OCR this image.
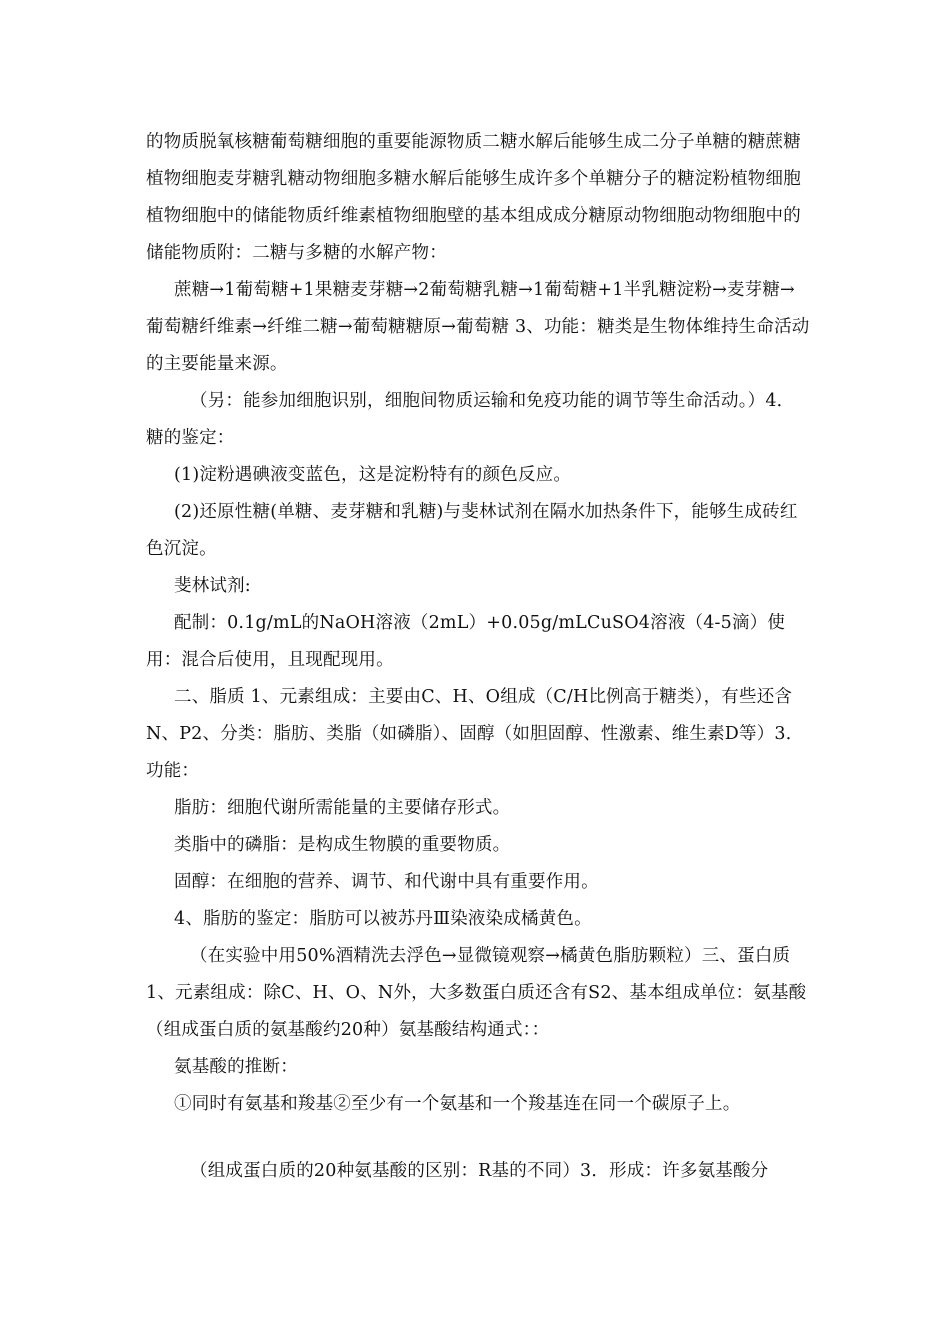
的物质脱氧核糖葡萄糖细胞的重要能源物质二糖水解后能够生成二分子单糖的糖蔗糖植物细胞麦芽糖乳糖动物细胞多糖水解后能够生成许多个单糖分子的糖淀粉植物细胞植物细胞中的储能物质纤维素植物细胞壁的基本组成成分糖原动物细胞动物细胞中的储能物质附：二糖与多糖的水解产物：

蔗糖→1葡萄糖+1果糖麦芽糖→2葡萄糖乳糖→1葡萄糖+1半乳糖淀粉→麦芽糖→葡萄糖纤维素→纤维二糖→葡萄糖糖原→葡萄糖 3、功能：糖类是生物体维持生命活动的主要能量来源。

（另：能参加细胞识别，细胞间物质运输和免疫功能的调节等生命活动。）4．糖的鉴定：

(1)淀粉遇碘液变蓝色，这是淀粉特有的颜色反应。

(2)还原性糖(单糖、麦芽糖和乳糖)与斐林试剂在隔水加热条件下，能够生成砖红色沉淀。

斐林试剂:

配制：0.1g/mL的NaOH溶液（2mL）+0.05g/mLCuSO4溶液（4-5滴）使用：混合后使用，且现配现用。

二、脂质 1、元素组成：主要由C、H、O组成（C/H比例高于糖类），有些还含N、P2、分类：脂肪、类脂（如磷脂）、固醇（如胆固醇、性激素、维生素D等）3．功能：

脂肪：细胞代谢所需能量的主要储存形式。

类脂中的磷脂：是构成生物膜的重要物质。

固醇：在细胞的营养、调节、和代谢中具有重要作用。

4、脂肪的鉴定：脂肪可以被苏丹Ⅲ染液染成橘黄色。

（在实验中用50%酒精洗去浮色→显微镜观察→橘黄色脂肪颗粒）三、蛋白质 1、元素组成：除C、H、O、N外，大多数蛋白质还含有S2、基本组成单位：氨基酸（组成蛋白质的氨基酸约20种）氨基酸结构通式：：

氨基酸的推断：

①同时有氨基和羧基②至少有一个氨基和一个羧基连在同一个碳原子上。

（组成蛋白质的20种氨基酸的区别：R基的不同）3．形成：许多氨基酸分
